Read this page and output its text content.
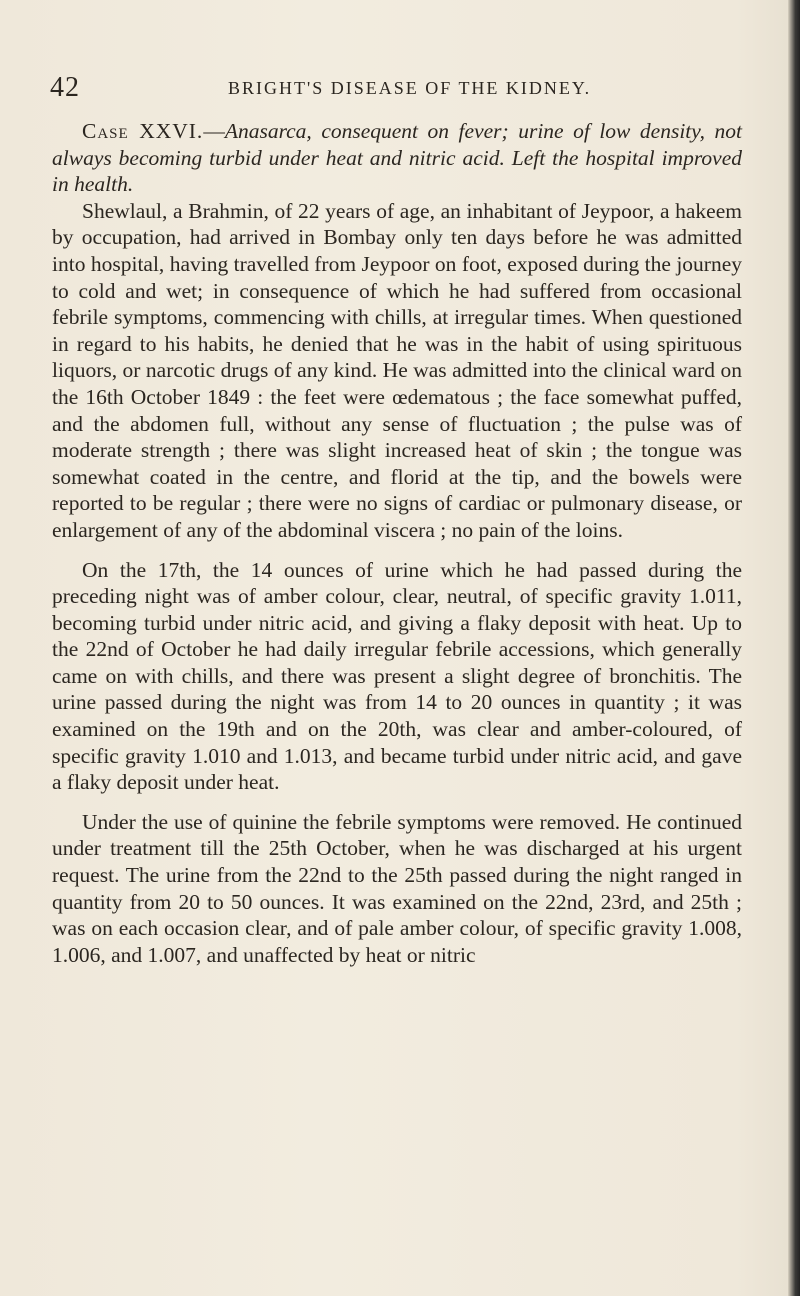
42	BRIGHT'S DISEASE OF THE KIDNEY.

Case XXVI.—Anasarca, consequent on fever; urine of low density, not always becoming turbid under heat and nitric acid. Left the hospital improved in health.

Shewlaul, a Brahmin, of 22 years of age, an inhabitant of Jeypoor, a hakeem by occupation, had arrived in Bombay only ten days before he was admitted into hospital, having travelled from Jeypoor on foot, exposed during the journey to cold and wet; in consequence of which he had suffered from occasional febrile symptoms, commencing with chills, at irregular times. When questioned in regard to his habits, he denied that he was in the habit of using spirituous liquors, or narcotic drugs of any kind. He was admitted into the clinical ward on the 16th October 1849 : the feet were œdematous ; the face somewhat puffed, and the abdomen full, without any sense of fluctuation ; the pulse was of moderate strength ; there was slight increased heat of skin ; the tongue was somewhat coated in the centre, and florid at the tip, and the bowels were reported to be regular ; there were no signs of cardiac or pulmonary disease, or enlargement of any of the abdominal viscera ; no pain of the loins.

On the 17th, the 14 ounces of urine which he had passed during the preceding night was of amber colour, clear, neutral, of specific gravity 1.011, becoming turbid under nitric acid, and giving a flaky deposit with heat. Up to the 22nd of October he had daily irregular febrile accessions, which generally came on with chills, and there was present a slight degree of bronchitis. The urine passed during the night was from 14 to 20 ounces in quantity ; it was examined on the 19th and on the 20th, was clear and amber-coloured, of specific gravity 1.010 and 1.013, and became turbid under nitric acid, and gave a flaky deposit under heat.

Under the use of quinine the febrile symptoms were removed. He continued under treatment till the 25th October, when he was discharged at his urgent request. The urine from the 22nd to the 25th passed during the night ranged in quantity from 20 to 50 ounces. It was examined on the 22nd, 23rd, and 25th ; was on each occasion clear, and of pale amber colour, of specific gravity 1.008, 1.006, and 1.007, and unaffected by heat or nitric
